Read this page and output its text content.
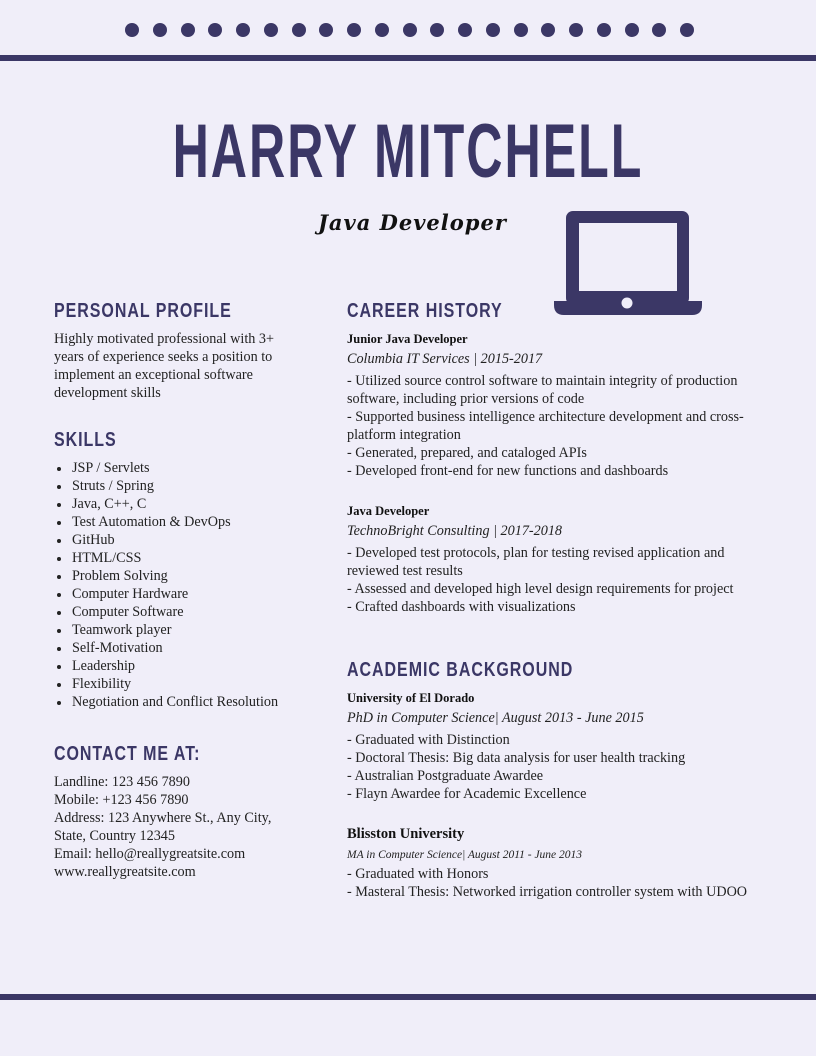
HARRY MITCHELL
Java Developer
PERSONAL PROFILE

Highly motivated professional with 3+ years of experience seeks a position to implement an exceptional software development skills

SKILLS
JSP / Servlets
Struts / Spring
Java, C++, C
Test Automation & DevOps
GitHub
HTML/CSS
Problem Solving
Computer Hardware
Computer Software
Teamwork player
Self-Motivation
Leadership
Flexibility
Negotiation and Conflict Resolution
CONTACT ME AT:
Landline: 123 456 7890
Mobile: +123 456 7890
Address: 123 Anywhere St., Any City,
State, Country 12345
Email: hello@reallygreatsite.com
www.reallygreatsite.com
CAREER HISTORY
Junior Java Developer
Columbia IT Services | 2015-2017
- Utilized source control software to maintain integrity of production software, including prior versions of code
- Supported business intelligence architecture development and cross-platform integration
- Generated, prepared, and cataloged APIs
- Developed front-end for new functions and dashboards
Java Developer
TechnoBright Consulting | 2017-2018
- Developed test protocols, plan for testing revised application and reviewed test results
- Assessed and developed high level design requirements for project
- Crafted dashboards with visualizations
ACADEMIC BACKGROUND
University of El Dorado
PhD in Computer Science| August 2013 - June 2015
- Graduated with Distinction
- Doctoral Thesis: Big data analysis for user health tracking
- Australian Postgraduate Awardee
- Flayn Awardee for Academic Excellence
Blisston University
MA in Computer Science| August 2011 - June 2013
- Graduated with Honors
- Masteral Thesis: Networked irrigation controller system with UDOO
